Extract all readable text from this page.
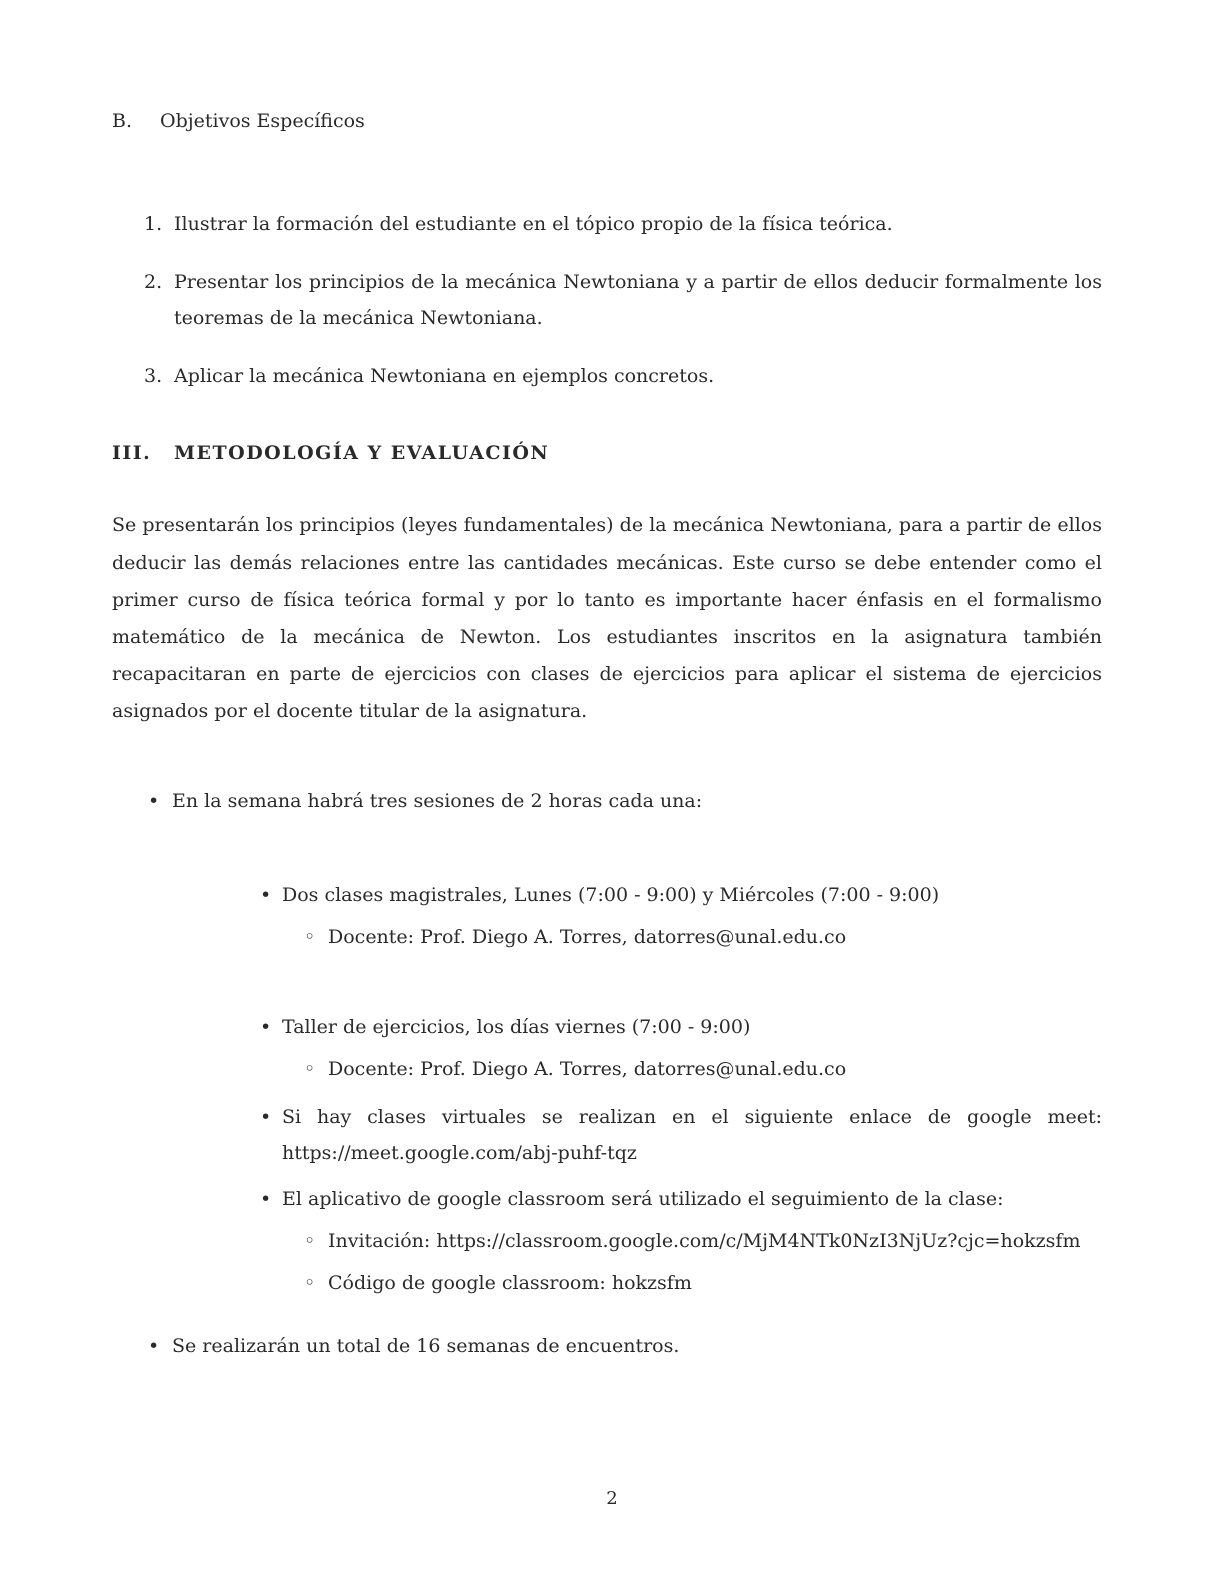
B. Objetivos Específicos

1. Ilustrar la formación del estudiante en el tópico propio de la física teórica.
2. Presentar los principios de la mecánica Newtoniana y a partir de ellos deducir formalmente los teoremas de la mecánica Newtoniana.
3. Aplicar la mecánica Newtoniana en ejemplos concretos.

III. METODOLOGÍA Y EVALUACIÓN

Se presentarán los principios (leyes fundamentales) de la mecánica Newtoniana, para a partir de ellos deducir las demás relaciones entre las cantidades mecánicas. Este curso se debe entender como el primer curso de física teórica formal y por lo tanto es importante hacer énfasis en el formalismo matemático de la mecánica de Newton. Los estudiantes inscritos en la asignatura también recapacitaran en parte de ejercicios con clases de ejercicios para aplicar el sistema de ejercicios asignados por el docente titular de la asignatura.

• En la semana habrá tres sesiones de 2 horas cada una:
• Dos clases magistrales, Lunes (7:00 - 9:00) y Miércoles (7:00 - 9:00)
◦ Docente: Prof. Diego A. Torres, datorres@unal.edu.co
• Taller de ejercicios, los días viernes (7:00 - 9:00)
◦ Docente: Prof. Diego A. Torres, datorres@unal.edu.co
• Si hay clases virtuales se realizan en el siguiente enlace de google meet: https://meet.google.com/abj-puhf-tqz
• El aplicativo de google classroom será utilizado el seguimiento de la clase:
◦ Invitación: https://classroom.google.com/c/MjM4NTk0NzI3NjUz?cjc=hokzsfm
◦ Código de google classroom: hokzsfm
• Se realizarán un total de 16 semanas de encuentros.
2
